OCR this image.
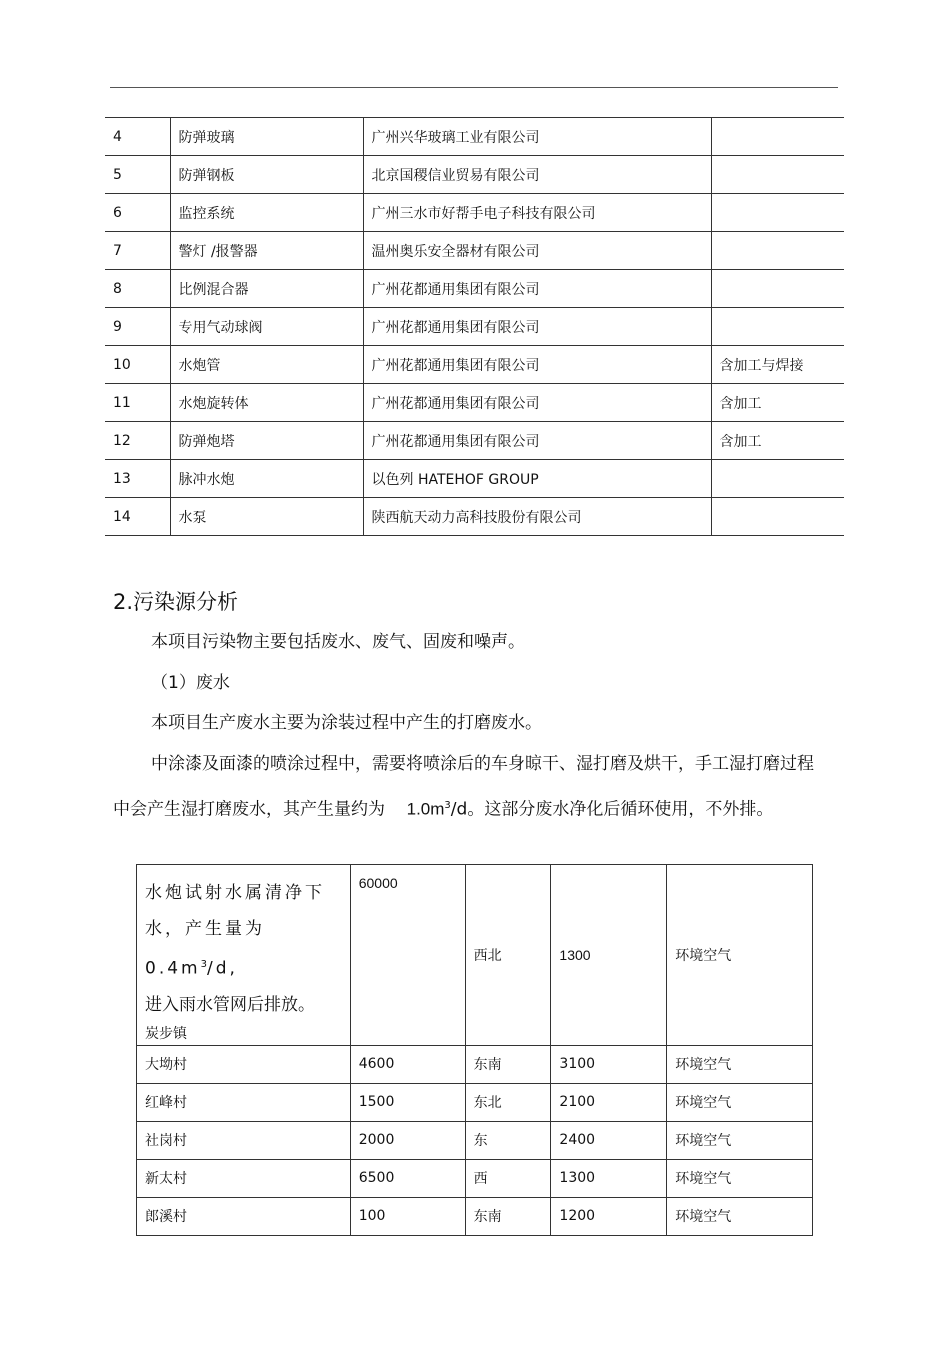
4	防弹玻璃	广州兴华玻璃工业有限公司	
5	防弹钢板	北京国稷信业贸易有限公司	
6	监控系统	广州三水市好帮手电子科技有限公司	
7	警灯 /报警器	温州奥乐安全器材有限公司	
8	比例混合器	广州花都通用集团有限公司	
9	专用气动球阀	广州花都通用集团有限公司	
10	水炮管	广州花都通用集团有限公司	含加工与焊接
11	水炮旋转体	广州花都通用集团有限公司	含加工
12	防弹炮塔	广州花都通用集团有限公司	含加工
13	脉冲水炮	以色列 HATEHOF GROUP	
14	水泵	陕西航天动力高科技股份有限公司	
2.污染源分析

本项目污染物主要包括废水、废气、固废和噪声。

（1）废水

本项目生产废水主要为涂装过程中产生的打磨废水。

中涂漆及面漆的喷涂过程中，需要将喷涂后的车身晾干、湿打磨及烘干，手工湿打磨过程中会产生湿打磨废水，其产生量约为 $1.0m^3/d$。这部分废水净化后循环使用，不外排。

水炮试射水属清净下
水，产生量为 $0.4m^3/d$,
进入雨水管网后排放。
炭步镇	60000	西北	1300	环境空气
大坳村	4600	东南	3100	环境空气
红峰村	1500	东北	2100	环境空气
社岗村	2000	东	2400	环境空气
新太村	6500	西	1300	环境空气
郎溪村	100	东南	1200	环境空气
